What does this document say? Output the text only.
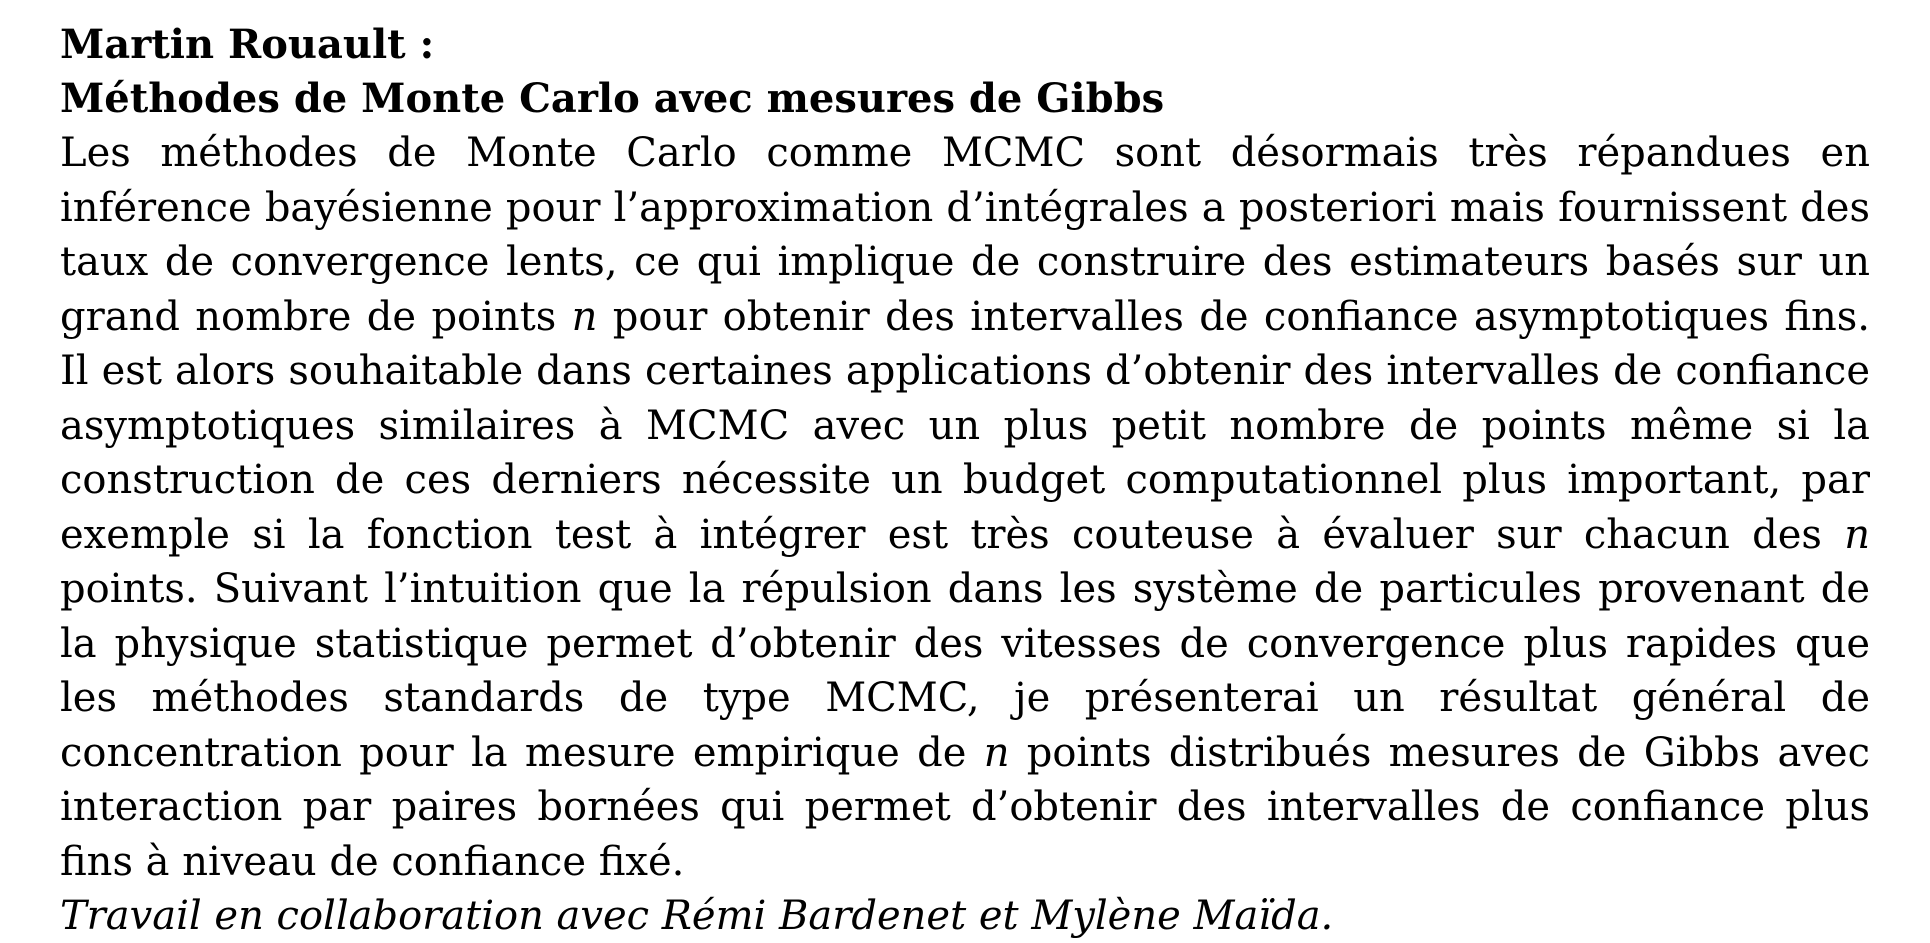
Martin Rouault :

Méthodes de Monte Carlo avec mesures de Gibbs

Les méthodes de Monte Carlo comme MCMC sont désormais très répandues en inférence bayésienne pour l’approximation d’intégrales a posteriori mais fournissent des taux de convergence lents, ce qui implique de construire des estimateurs basés sur un grand nombre de points n pour obtenir des intervalles de confiance asymptotiques fins. Il est alors souhaitable dans certaines applications d’obtenir des intervalles de confiance asymptotiques similaires à MCMC avec un plus petit nombre de points même si la construction de ces derniers nécessite un budget computationnel plus important, par exemple si la fonction test à intégrer est très couteuse à évaluer sur chacun des n points. Suivant l’intuition que la répulsion dans les système de particules provenant de la physique statistique permet d’obtenir des vitesses de convergence plus rapides que les méthodes standards de type MCMC, je présenterai un résultat général de concentration pour la mesure empirique de n points distribués mesures de Gibbs avec interaction par paires bornées qui permet d’obtenir des intervalles de confiance plus fins à niveau de confiance fixé.

Travail en collaboration avec Rémi Bardenet et Mylène Maïda.
